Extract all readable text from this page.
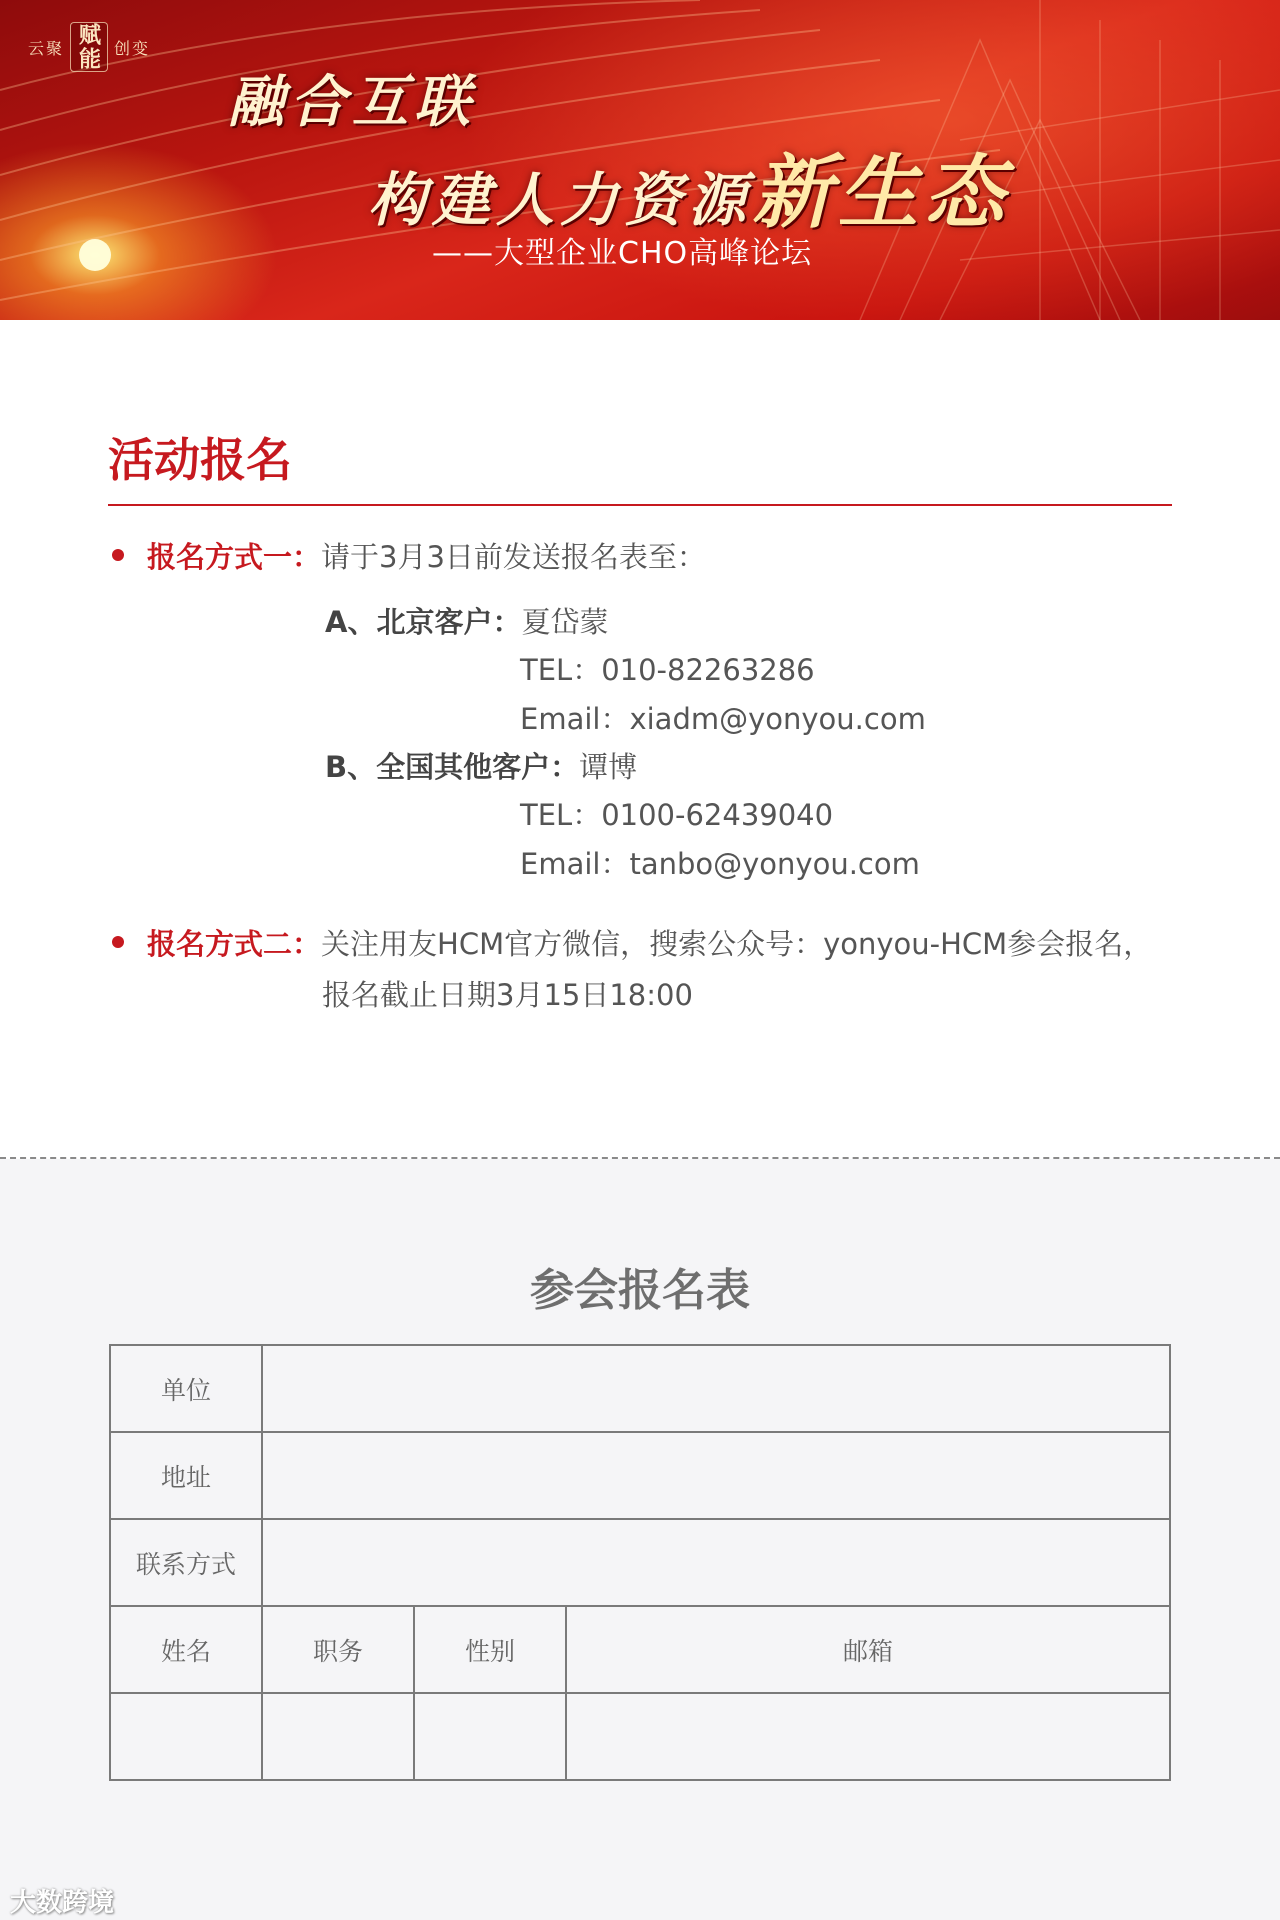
云聚 赋能 创变
融合互联
构建人力资源新生态
——大型企业CHO高峰论坛
活动报名
报名方式一：请于3月3日前发送报名表至：
A、北京客户：夏岱蒙
TEL：010-82263286
Email：xiadm@yonyou.com
B、全国其他客户：谭博
TEL：0100-62439040
Email：tanbo@yonyou.com
报名方式二：关注用友HCM官方微信，搜索公众号：yonyou-HCM参会报名，
报名截止日期3月15日18:00
参会报名表
单位			
地址			
联系方式			
姓名	职务	性别	邮箱

大数跨境
